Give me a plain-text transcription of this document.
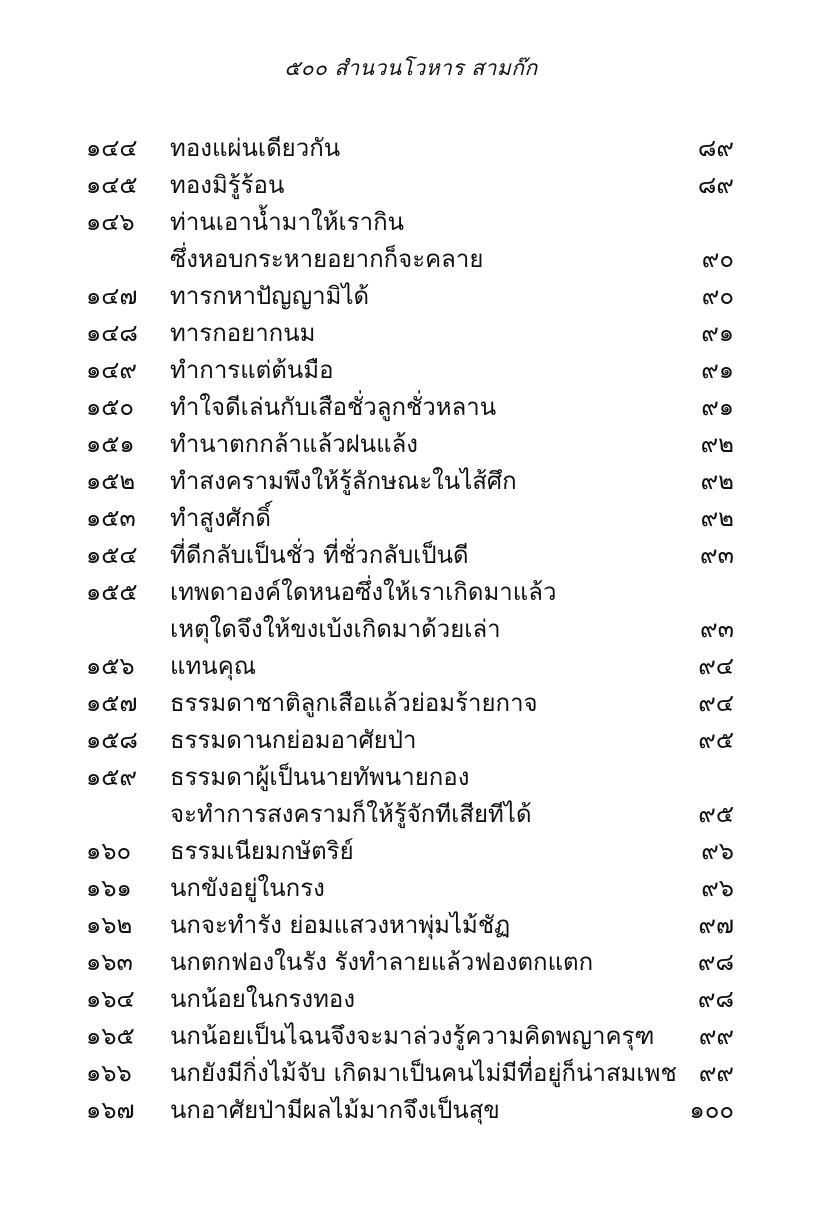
๕๐๐ สำนวนโวหาร สามก๊ก
๑๔๔ ทองแผ่นเดียวกัน	๘๙
๑๔๕ ทองมิรู้ร้อน	๘๙
๑๔๖ ท่านเอาน้ำมาให้เรากิน
ซึ่งหอบกระหายอยากก็จะคลาย	๙๐
๑๔๗ ทารกหาปัญญามิได้	๙๐
๑๔๘ ทารกอยากนม	๙๑
๑๔๙ ทำการแต่ต้นมือ	๙๑
๑๕๐ ทำใจดีเล่นกับเสือชั่วลูกชั่วหลาน	๙๑
๑๕๑ ทำนาตกกล้าแล้วฝนแล้ง	๙๒
๑๕๒ ทำสงครามพึงให้รู้ลักษณะในไส้ศึก	๙๒
๑๕๓ ทำสูงศักดิ์	๙๒
๑๕๔ ที่ดีกลับเป็นชั่ว ที่ชั่วกลับเป็นดี	๙๓
๑๕๕ เทพดาองค์ใดหนอซึ่งให้เราเกิดมาแล้ว
เหตุใดจึงให้ขงเบ้งเกิดมาด้วยเล่า	๙๓
๑๕๖ แทนคุณ	๙๔
๑๕๗ ธรรมดาชาติลูกเสือแล้วย่อมร้ายกาจ	๙๔
๑๕๘ ธรรมดานกย่อมอาศัยป่า	๙๕
๑๕๙ ธรรมดาผู้เป็นนายทัพนายกอง
จะทำการสงครามก็ให้รู้จักทีเสียทีได้	๙๕
๑๖๐ ธรรมเนียมกษัตริย์	๙๖
๑๖๑ นกขังอยู่ในกรง	๙๖
๑๖๒ นกจะทำรัง ย่อมแสวงหาพุ่มไม้ชัฏ	๙๗
๑๖๓ นกตกฟองในรัง รังทำลายแล้วฟองตกแตก	๙๘
๑๖๔ นกน้อยในกรงทอง	๙๘
๑๖๕ นกน้อยเป็นไฉนจึงจะมาล่วงรู้ความคิดพญาครุฑ ๙๙
๑๖๖ นกยังมีกิ่งไม้จับ เกิดมาเป็นคนไม่มีที่อยู่ก็น่าสมเพช ๙๙
๑๖๗ นกอาศัยป่ามีผลไม้มากจึงเป็นสุข	๑๐๐
